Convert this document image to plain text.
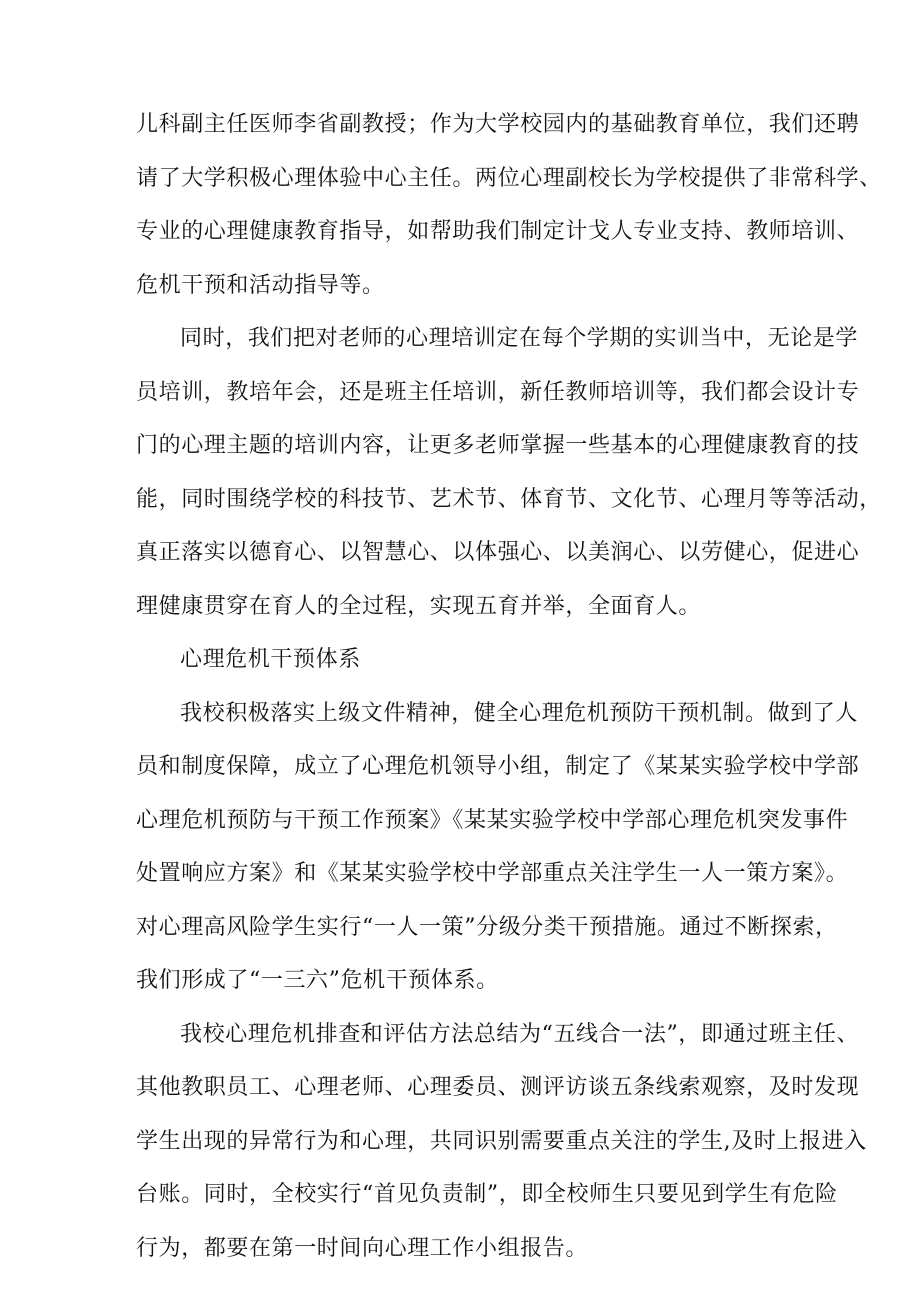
儿科副主任医师李省副教授；作为大学校园内的基础教育单位，我们还聘
请了大学积极心理体验中心主任。两位心理副校长为学校提供了非常科学、
专业的心理健康教育指导，如帮助我们制定计戈人专业支持、教师培训、
危机干预和活动指导等。
同时，我们把对老师的心理培训定在每个学期的实训当中，无论是学
员培训，教培年会，还是班主任培训，新任教师培训等，我们都会设计专
门的心理主题的培训内容，让更多老师掌握一些基本的心理健康教育的技
能，同时围绕学校的科技节、艺术节、体育节、文化节、心理月等等活动，
真正落实以德育心、以智慧心、以体强心、以美润心、以劳健心，促进心
理健康贯穿在育人的全过程，实现五育并举，全面育人。
心理危机干预体系
我校积极落实上级文件精神，健全心理危机预防干预机制。做到了人
员和制度保障，成立了心理危机领导小组，制定了《某某实验学校中学部
心理危机预防与干预工作预案》《某某实验学校中学部心理危机突发事件
处置响应方案》和《某某实验学校中学部重点关注学生一人一策方案》。
对心理高风险学生实行“一人一策”分级分类干预措施。通过不断探索，
我们形成了“一三六”危机干预体系。
我校心理危机排查和评估方法总结为“五线合一法”，即通过班主任、
其他教职员工、心理老师、心理委员、测评访谈五条线索观察，及时发现
学生出现的异常行为和心理，共同识别需要重点关注的学生,及时上报进入
台账。同时，全校实行“首见负责制”，即全校师生只要见到学生有危险
行为，都要在第一时间向心理工作小组报告。
